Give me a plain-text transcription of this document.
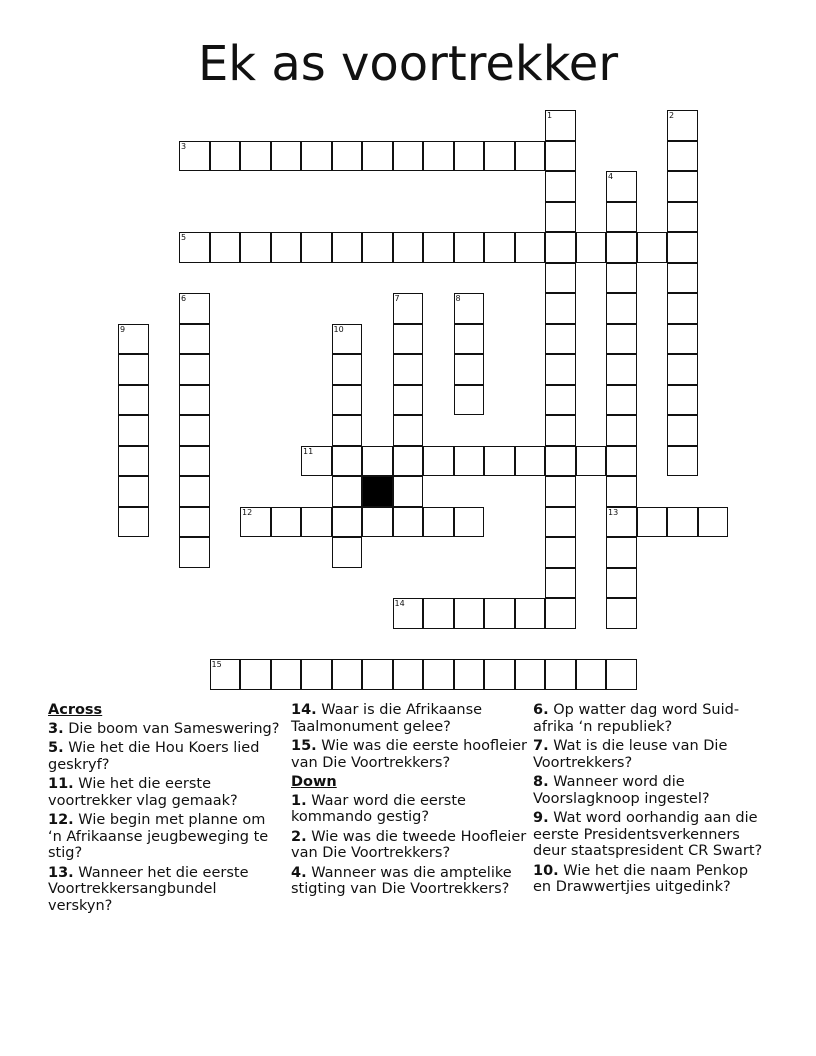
Ek as voortrekker
1	2
3
4
13
5
6	7	8
9	10
11
12
14
15
Across
3. Die boom van Sameswering?
5. Wie het die Hou Koers lied geskryf?
11. Wie het die eerste voortrekker vlag gemaak?
12. Wie begin met planne om ‘n Afrikaanse jeugbeweging te stig?
13. Wanneer het die eerste Voortrekkersangbundel verskyn?
14. Waar is die Afrikaanse Taalmonument gelee?
15. Wie was die eerste hoofleier van Die Voortrekkers?
Down
1. Waar word die eerste kommando gestig?
2. Wie was die tweede Hoofleier van Die Voortrekkers?
4. Wanneer was die amptelike stigting van Die Voortrekkers?
6. Op watter dag word Suid-afrika ‘n republiek?
7. Wat is die leuse van Die Voortrekkers?
8. Wanneer word die Voorslagknoop ingestel?
9. Wat word oorhandig aan die eerste Presidentsverkenners deur staatspresident CR Swart?
10. Wie het die naam Penkop en Drawwertjies uitgedink?
